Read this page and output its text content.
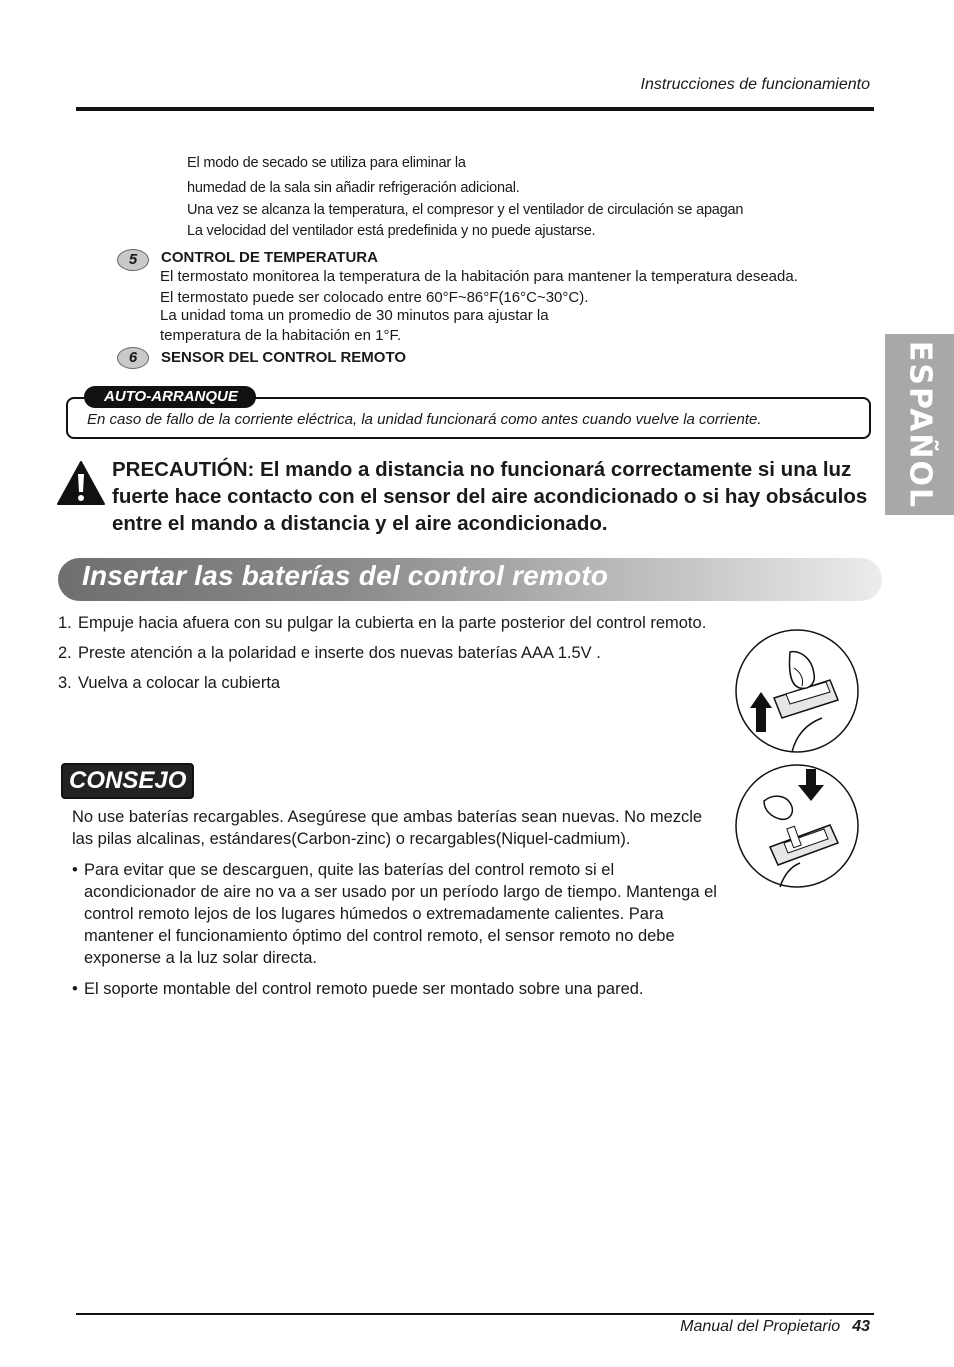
Instrucciones de funcionamiento
El modo de secado se utiliza para eliminar la
humedad de la sala sin añadir refrigeración adicional.
Una vez se alcanza la temperatura, el compresor y el ventilador de circulación se apagan
La velocidad del ventilador está predefinida y no puede ajustarse.
5	CONTROL DE TEMPERATURA
El termostato monitorea la temperatura de la habitación para mantener la temperatura deseada.
El termostato puede ser colocado entre 60°F~86°F(16°C~30°C).
La unidad toma un promedio de 30 minutos para ajustar la
temperatura de la habitación en 1°F.
6	SENSOR DEL CONTROL REMOTO
AUTO-ARRANQUE
En caso de fallo de la corriente eléctrica, la unidad funcionará como antes cuando vuelve la corriente.
PRECAUTIÓN: El mando a distancia no funcionará correctamente si una luz fuerte hace contacto con el sensor del aire acondicionado o si hay obsáculos entre el mando a distancia y el aire acondicionado.
Insertar las baterías del control remoto
1. Empuje hacia afuera con su pulgar la cubierta en la parte posterior del control remoto.
2. Preste atención a la polaridad e inserte dos nuevas baterías AAA 1.5V .
3. Vuelva a colocar la cubierta
CONSEJO
No use baterías recargables. Asegúrese que ambas baterías sean nuevas. No mezcle las pilas alcalinas, estándares(Carbon-zinc) o recargables(Niquel-cadmium).
• Para evitar que se descarguen, quite las baterías del control remoto si el acondicionador de aire no va a ser usado por un período largo de tiempo. Mantenga el control remoto lejos de los lugares húmedos o extremadamente calientes. Para mantener el funcionamiento óptimo del control remoto, el sensor remoto no debe exponerse a la luz solar directa.
• El soporte montable del control remoto puede ser montado sobre una pared.
ESPAÑOL
Manual del Propietario 43
